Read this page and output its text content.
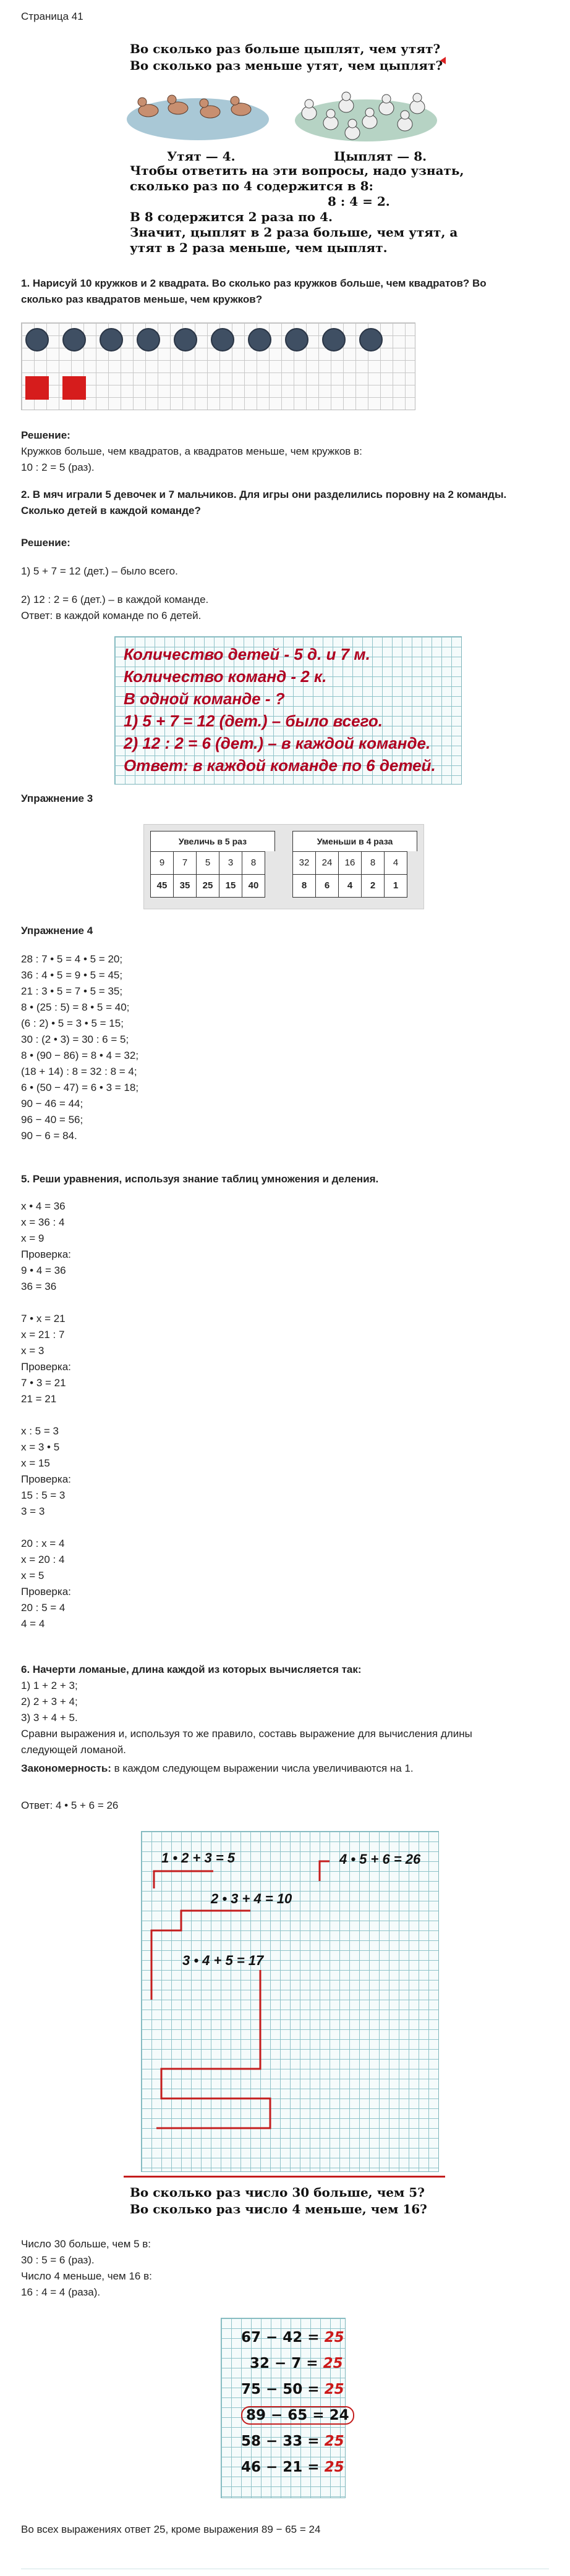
Страница 41
Во сколько раз больше цыплят, чем утят?
Во сколько раз меньше утят, чем цыплят?
Утят — 4.	Цыплят — 8.
Чтобы ответить на эти вопросы, надо узнать,
сколько раз по 4 содержится в 8:
8 : 4 = 2.
В 8 содержится 2 раза по 4.
Значит, цыплят в 2 раза больше, чем утят, а
утят в 2 раза меньше, чем цыплят.
1. Нарисуй 10 кружков и 2 квадрата. Во сколько раз кружков больше, чем квадратов? Во
сколько раз квадратов меньше, чем кружков?
Решение:
Кружков больше, чем квадратов, а квадратов меньше, чем кружков в:
10 : 2 = 5 (раз).
2. В мяч играли 5 девочек и 7 мальчиков. Для игры они разделились поровну на 2 команды.
Сколько детей в каждой команде?
Решение:
1) 5 + 7 = 12 (дет.) – было всего.
2) 12 : 2 = 6 (дет.) – в каждой команде.
Ответ: в каждой команде по 6 детей.
Количество детей - 5 д. и 7 м.
Количество команд - 2 к.
В одной команде - ?
1) 5 + 7 = 12 (дет.) – было всего.
2) 12 : 2 = 6 (дет.) – в каждой команде.
Ответ: в каждой команде по 6 детей.
Упражнение 3
Увеличь в 5 раз
9	7	5	3	8
45	35	25	15	40
Уменьши в 4 раза
32	24	16	8	4
8	6	4	2	1
Упражнение 4
28 : 7 • 5 = 4 • 5 = 20;
36 : 4 • 5 = 9 • 5 = 45;
21 : 3 • 5 = 7 • 5 = 35;
8 • (25 : 5) = 8 • 5 = 40;
(6 : 2) • 5 = 3 • 5 = 15;
30 : (2 • 3) = 30 : 6 = 5;
8 • (90 − 86) = 8 • 4 = 32;
(18 + 14) : 8 = 32 : 8 = 4;
6 • (50 − 47) = 6 • 3 = 18;
90 − 46 = 44;
96 − 40 = 56;
90 − 6 = 84.
5. Реши уравнения, используя знание таблиц умножения и деления.
x • 4 = 36
x = 36 : 4
x = 9
Проверка:
9 • 4 = 36
36 = 36
7 • x = 21
x = 21 : 7
x = 3
Проверка:
7 • 3 = 21
21 = 21
x : 5 = 3
x = 3 • 5
x = 15
Проверка:
15 : 5 = 3
3 = 3
20 : x = 4
x = 20 : 4
x = 5
Проверка:
20 : 5 = 4
4 = 4
6. Начерти ломаные, длина каждой из которых вычисляется так:
1) 1 + 2 + 3;
2) 2 + 3 + 4;
3) 3 + 4 + 5.
Сравни выражения и, используя то же правило, составь выражение для вычисления длины
следующей ломаной.
Закономерность: в каждом следующем выражении числа увеличиваются на 1.
Ответ: 4 • 5 + 6 = 26
1 • 2 + 3 = 5
2 • 3 + 4 = 10
3 • 4 + 5 = 17
4 • 5 + 6 = 26
Во сколько раз число 30 больше, чем 5?
Во сколько раз число 4 меньше, чем 16?
Число 30 больше, чем 5 в:
30 : 5 = 6 (раз).
Число 4 меньше, чем 16 в:
16 : 4 = 4 (раза).
67 − 42 = 25
32 − 7 = 25
75 − 50 = 25
89 − 65 = 24
58 − 33 = 25
46 − 21 = 25
Во всех выражениях ответ 25, кроме выражения 89 − 65 = 24
